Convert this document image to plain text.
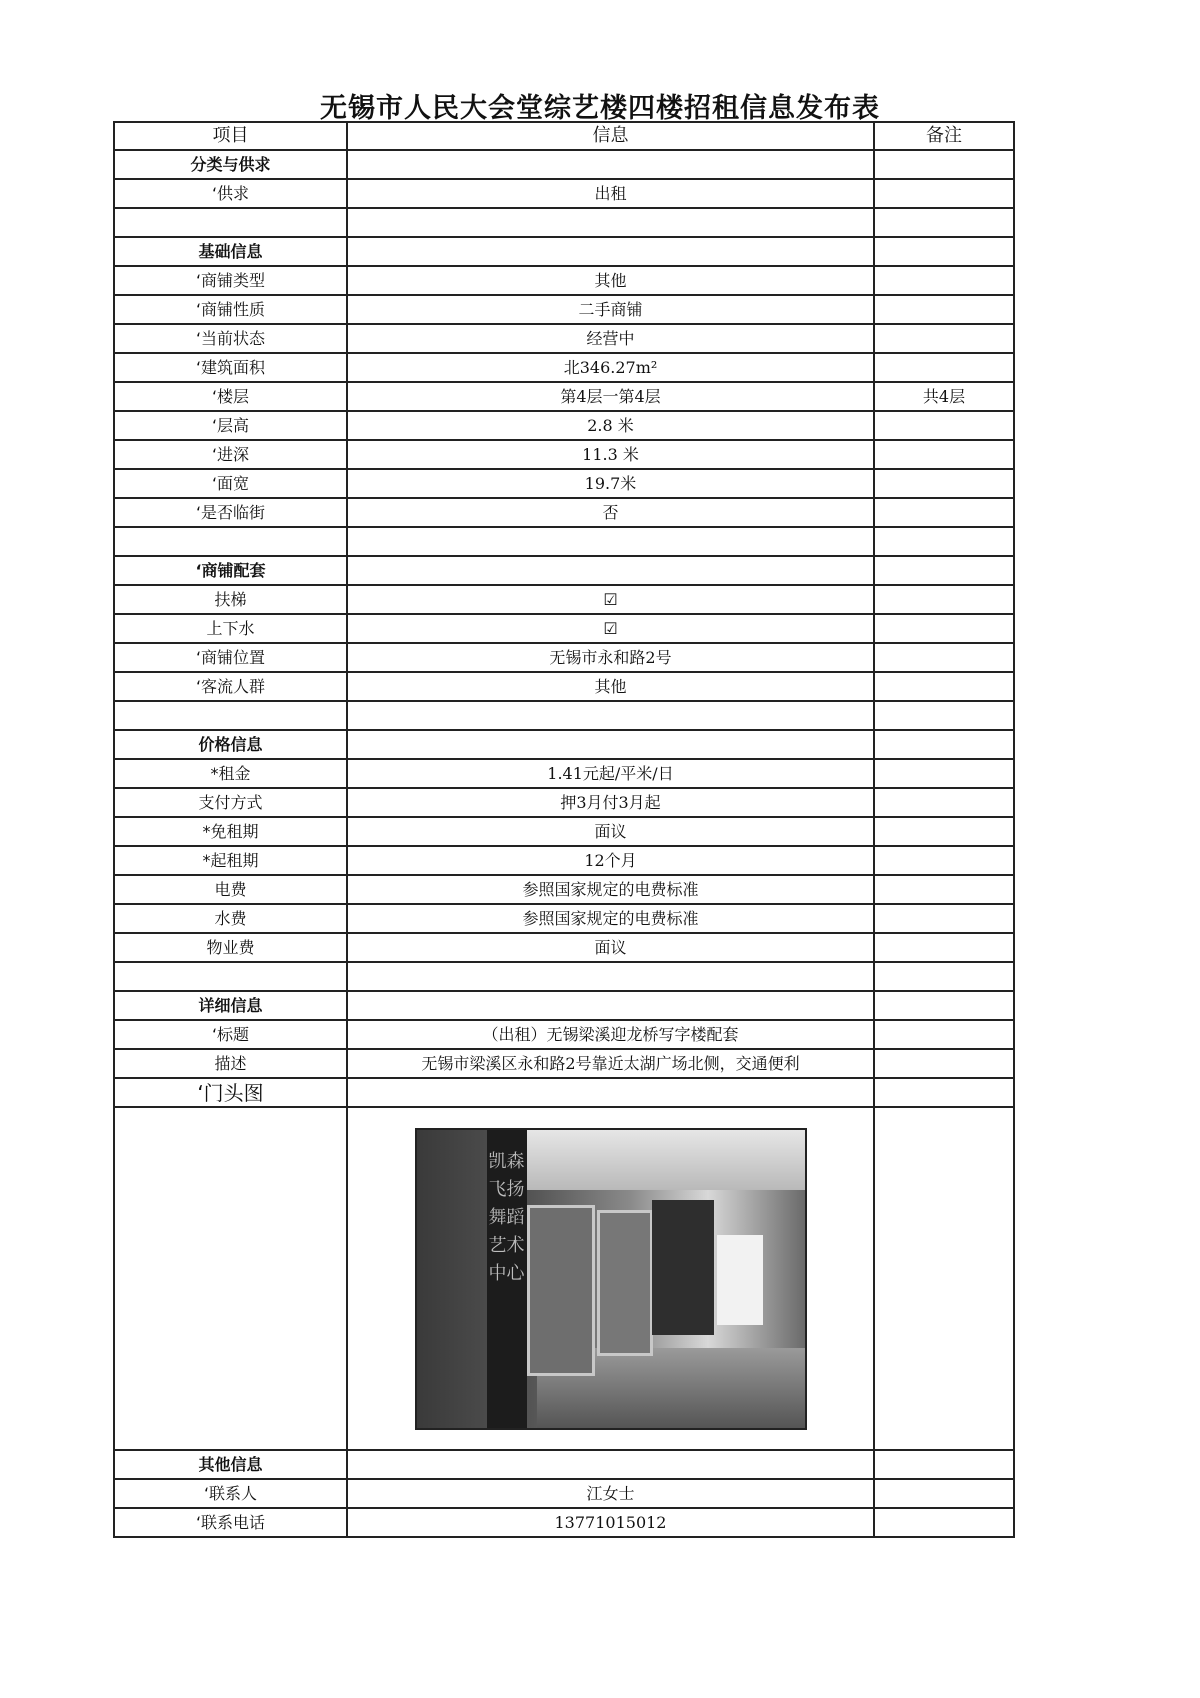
无锡市人民大会堂综艺楼四楼招租信息发布表
项目	信息	备注
分类与供求		
‘供求	出租	

基础信息		
‘商铺类型	其他	
‘商铺性质	二手商铺	
‘当前状态	经营中	
‘建筑面积	北346.27m²	
‘楼层	第4层一第4层	共4层
‘层高	2.8 米	
‘进深	11.3 米	
‘面宽	19.7米	
‘是否临街	否	

‘商铺配套		
扶梯	☑	
上下水	☑	
‘商铺位置	无锡市永和路2号	
‘客流人群	其他	

价格信息		
*租金	1.41元起/平米/日	
支付方式	押3月付3月起	
*免租期	面议	
*起租期	12个月	
电费	参照国家规定的电费标准	
水费	参照国家规定的电费标准	
物业费	面议	

详细信息		
‘标题	（出租）无锡梁溪迎龙桥写字楼配套	
描述	无锡市梁溪区永和路2号靠近太湖广场北侧，交通便利	
‘门头图		

	凯森飞扬舞蹈艺术中心	

其他信息		
‘联系人	江女士	
‘联系电话	13771015012	
